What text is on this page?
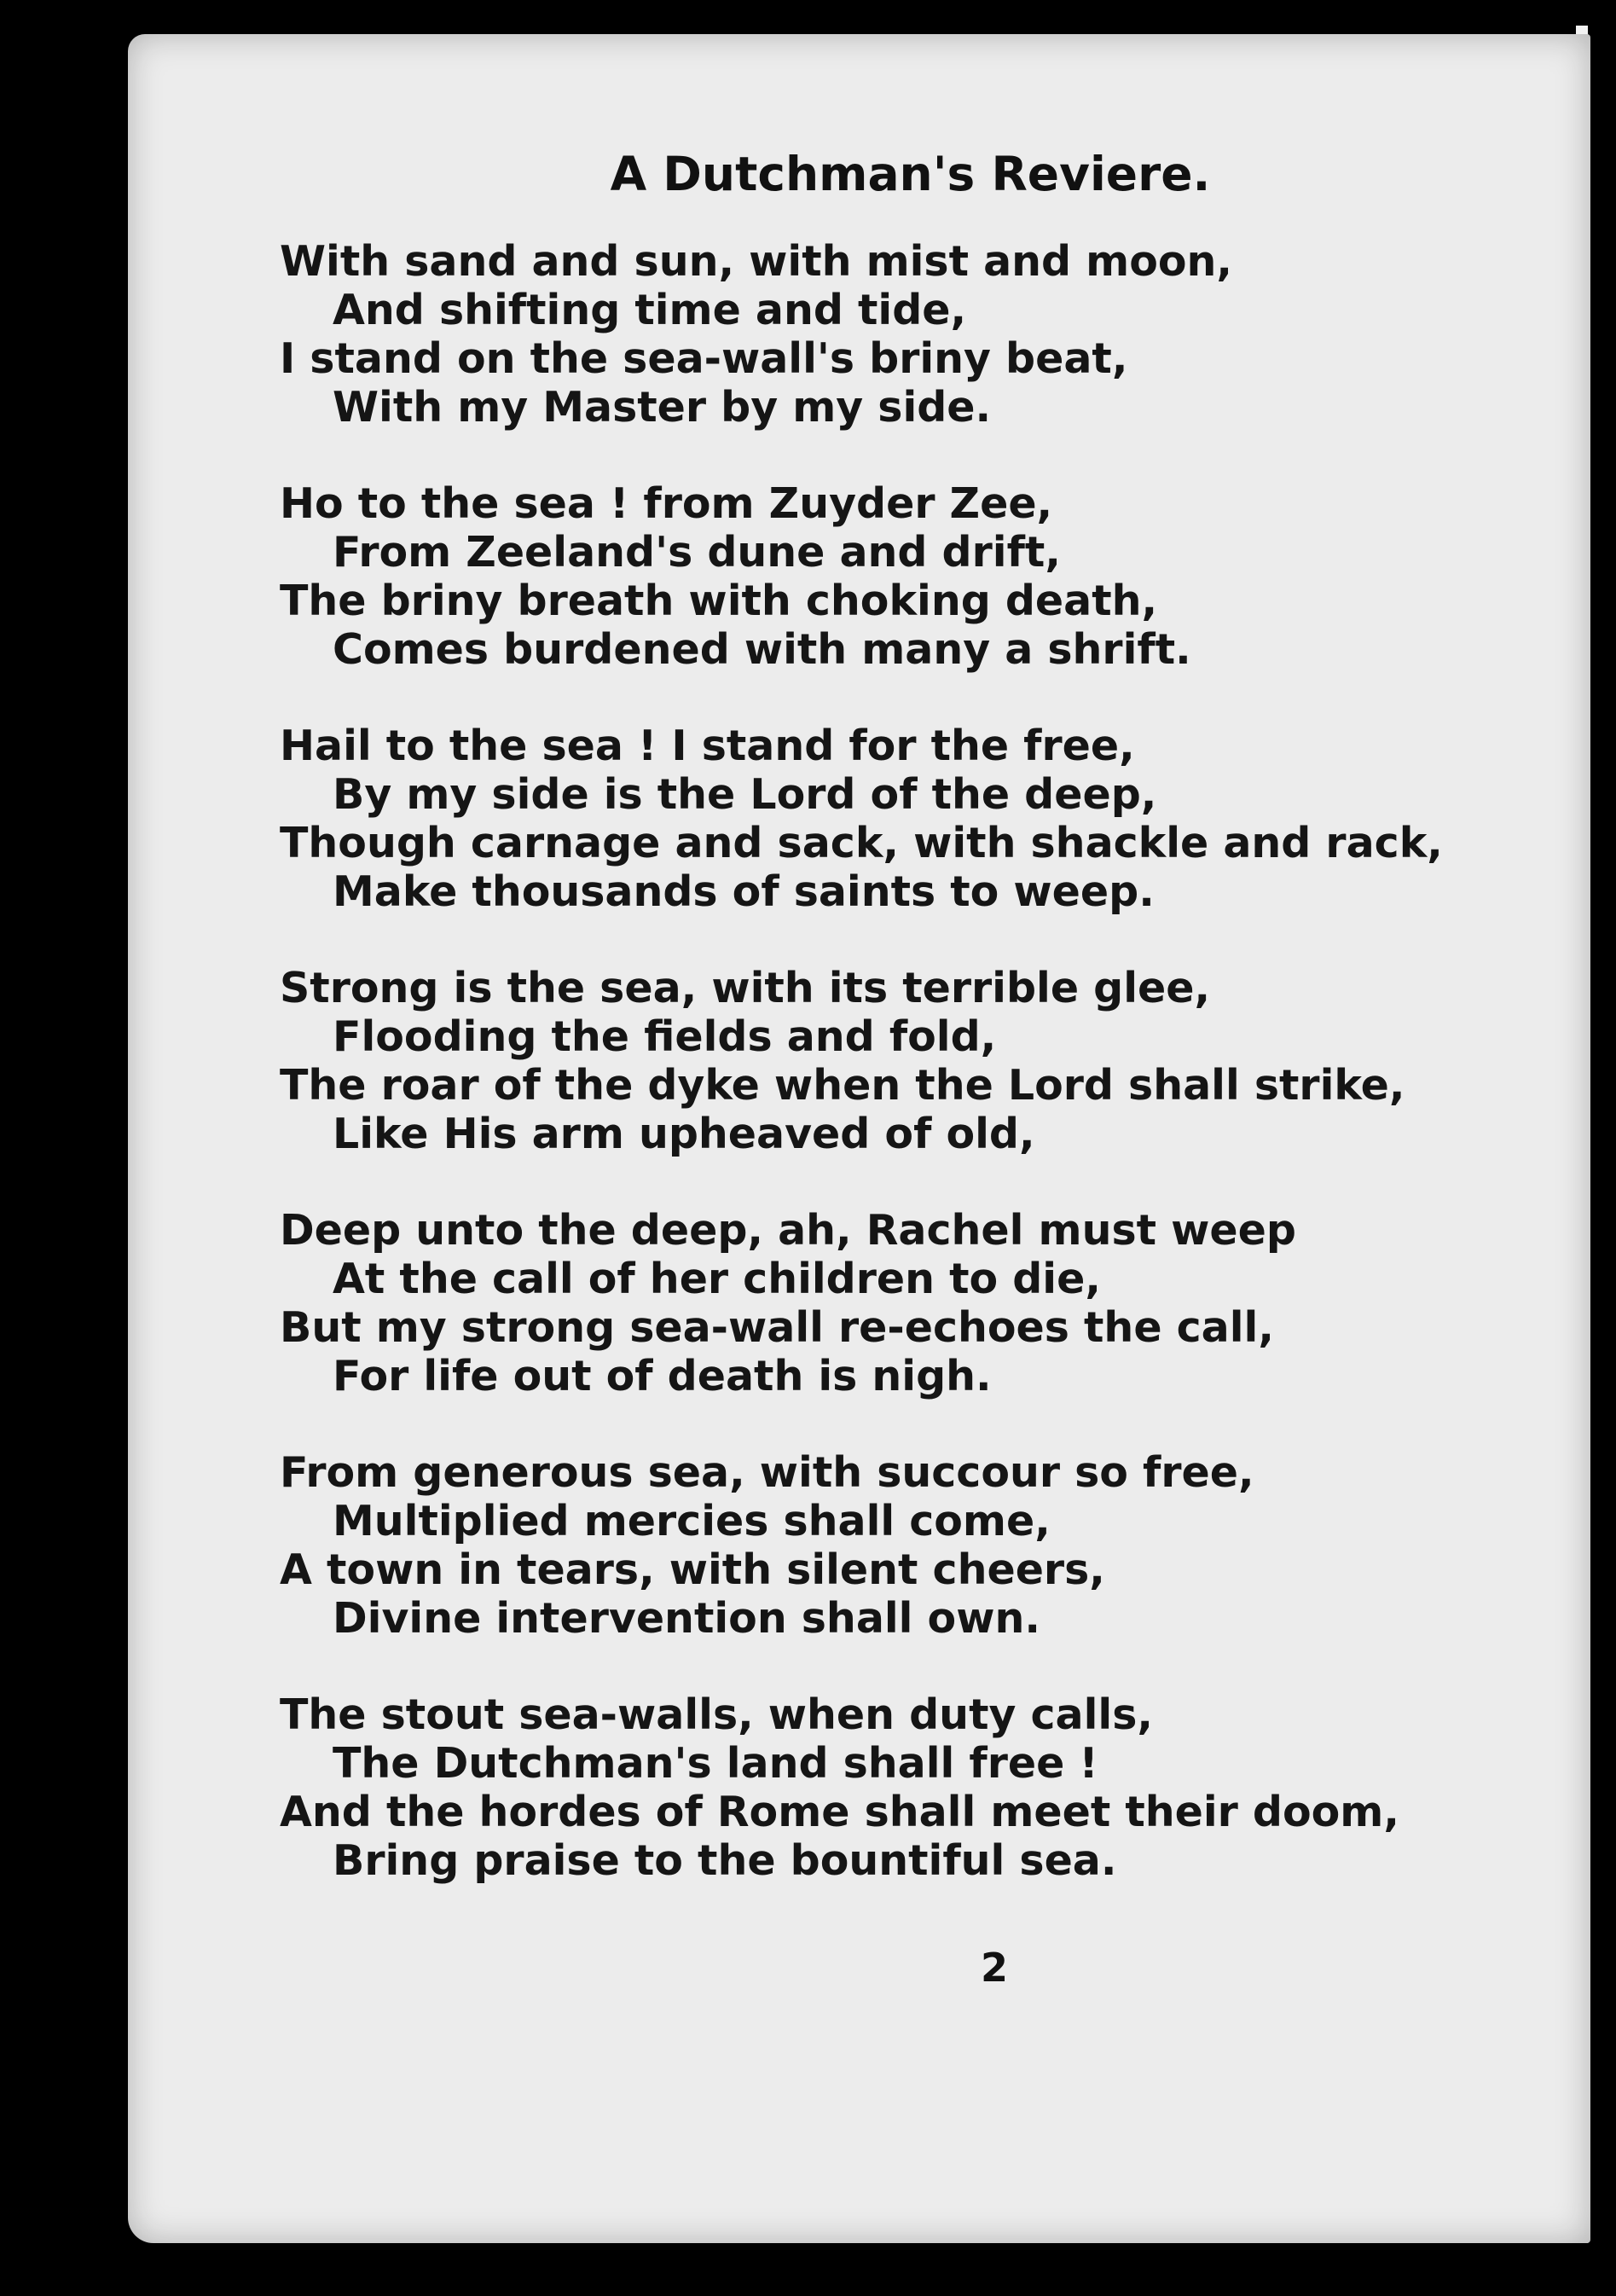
A Dutchman's Reviere.
With sand and sun, with mist and moon,
And shifting time and tide,
I stand on the sea-wall's briny beat,
With my Master by my side.
Ho to the sea ! from Zuyder Zee,
From Zeeland's dune and drift,
The briny breath with choking death,
Comes burdened with many a shrift.
Hail to the sea ! I stand for the free,
By my side is the Lord of the deep,
Though carnage and sack, with shackle and rack,
Make thousands of saints to weep.
Strong is the sea, with its terrible glee,
Flooding the fields and fold,
The roar of the dyke when the Lord shall strike,
Like His arm upheaved of old,
Deep unto the deep, ah, Rachel must weep
At the call of her children to die,
But my strong sea-wall re-echoes the call,
For life out of death is nigh.
From generous sea, with succour so free,
Multiplied mercies shall come,
A town in tears, with silent cheers,
Divine intervention shall own.
The stout sea-walls, when duty calls,
The Dutchman's land shall free !
And the hordes of Rome shall meet their doom,
Bring praise to the bountiful sea.
2
